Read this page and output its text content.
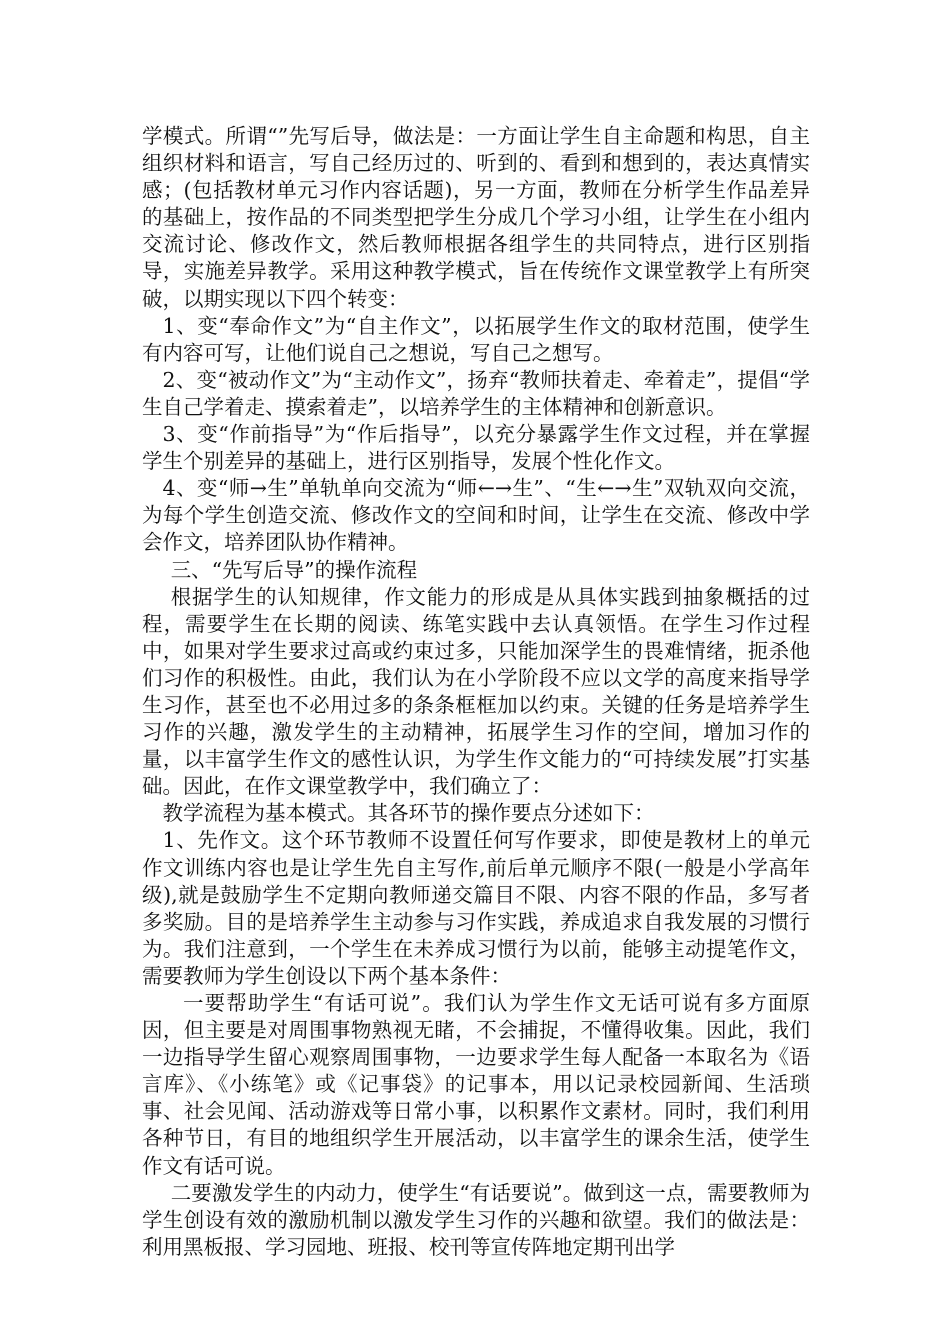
学模式。所谓“”先写后导，做法是：一方面让学生自主命题和构思，自主组织材料和语言，写自己经历过的、听到的、看到和想到的，表达真情实感；(包括教材单元习作内容话题)，另一方面，教师在分析学生作品差异的基础上，按作品的不同类型把学生分成几个学习小组，让学生在小组内交流讨论、修改作文，然后教师根据各组学生的共同特点，进行区别指导，实施差异教学。采用这种教学模式，旨在传统作文课堂教学上有所突破，以期实现以下四个转变：

1、变“奉命作文”为“自主作文”，以拓展学生作文的取材范围，使学生有内容可写，让他们说自己之想说，写自己之想写。

2、变“被动作文”为“主动作文”，扬弃“教师扶着走、牵着走”，提倡“学生自己学着走、摸索着走”，以培养学生的主体精神和创新意识。

3、变“作前指导”为“作后指导”，以充分暴露学生作文过程，并在掌握学生个别差异的基础上，进行区别指导，发展个性化作文。

4、变“师→生”单轨单向交流为“师←→生”、“生←→生”双轨双向交流，为每个学生创造交流、修改作文的空间和时间，让学生在交流、修改中学会作文，培养团队协作精神。

三、“先写后导”的操作流程

根据学生的认知规律，作文能力的形成是从具体实践到抽象概括的过程，需要学生在长期的阅读、练笔实践中去认真领悟。在学生习作过程中，如果对学生要求过高或约束过多，只能加深学生的畏难情绪，扼杀他们习作的积极性。由此，我们认为在小学阶段不应以文学的高度来指导学生习作，甚至也不必用过多的条条框框加以约束。关键的任务是培养学生习作的兴趣，激发学生的主动精神，拓展学生习作的空间，增加习作的量，以丰富学生作文的感性认识，为学生作文能力的“可持续发展”打实基础。因此，在作文课堂教学中，我们确立了：

教学流程为基本模式。其各环节的操作要点分述如下：

1、先作文。这个环节教师不设置任何写作要求，即使是教材上的单元作文训练内容也是让学生先自主写作,前后单元顺序不限(一般是小学高年级),就是鼓励学生不定期向教师递交篇目不限、内容不限的作品，多写者多奖励。目的是培养学生主动参与习作实践，养成追求自我发展的习惯行为。我们注意到，一个学生在未养成习惯行为以前，能够主动提笔作文，需要教师为学生创设以下两个基本条件：

一要帮助学生“有话可说”。我们认为学生作文无话可说有多方面原因，但主要是对周围事物熟视无睹，不会捕捉，不懂得收集。因此，我们一边指导学生留心观察周围事物，一边要求学生每人配备一本取名为《语言库》、《小练笔》或《记事袋》的记事本，用以记录校园新闻、生活琐事、社会见闻、活动游戏等日常小事，以积累作文素材。同时，我们利用各种节日，有目的地组织学生开展活动，以丰富学生的课余生活，使学生作文有话可说。

二要激发学生的内动力，使学生“有话要说”。做到这一点，需要教师为学生创设有效的激励机制以激发学生习作的兴趣和欲望。我们的做法是：利用黑板报、学习园地、班报、校刊等宣传阵地定期刊出学
